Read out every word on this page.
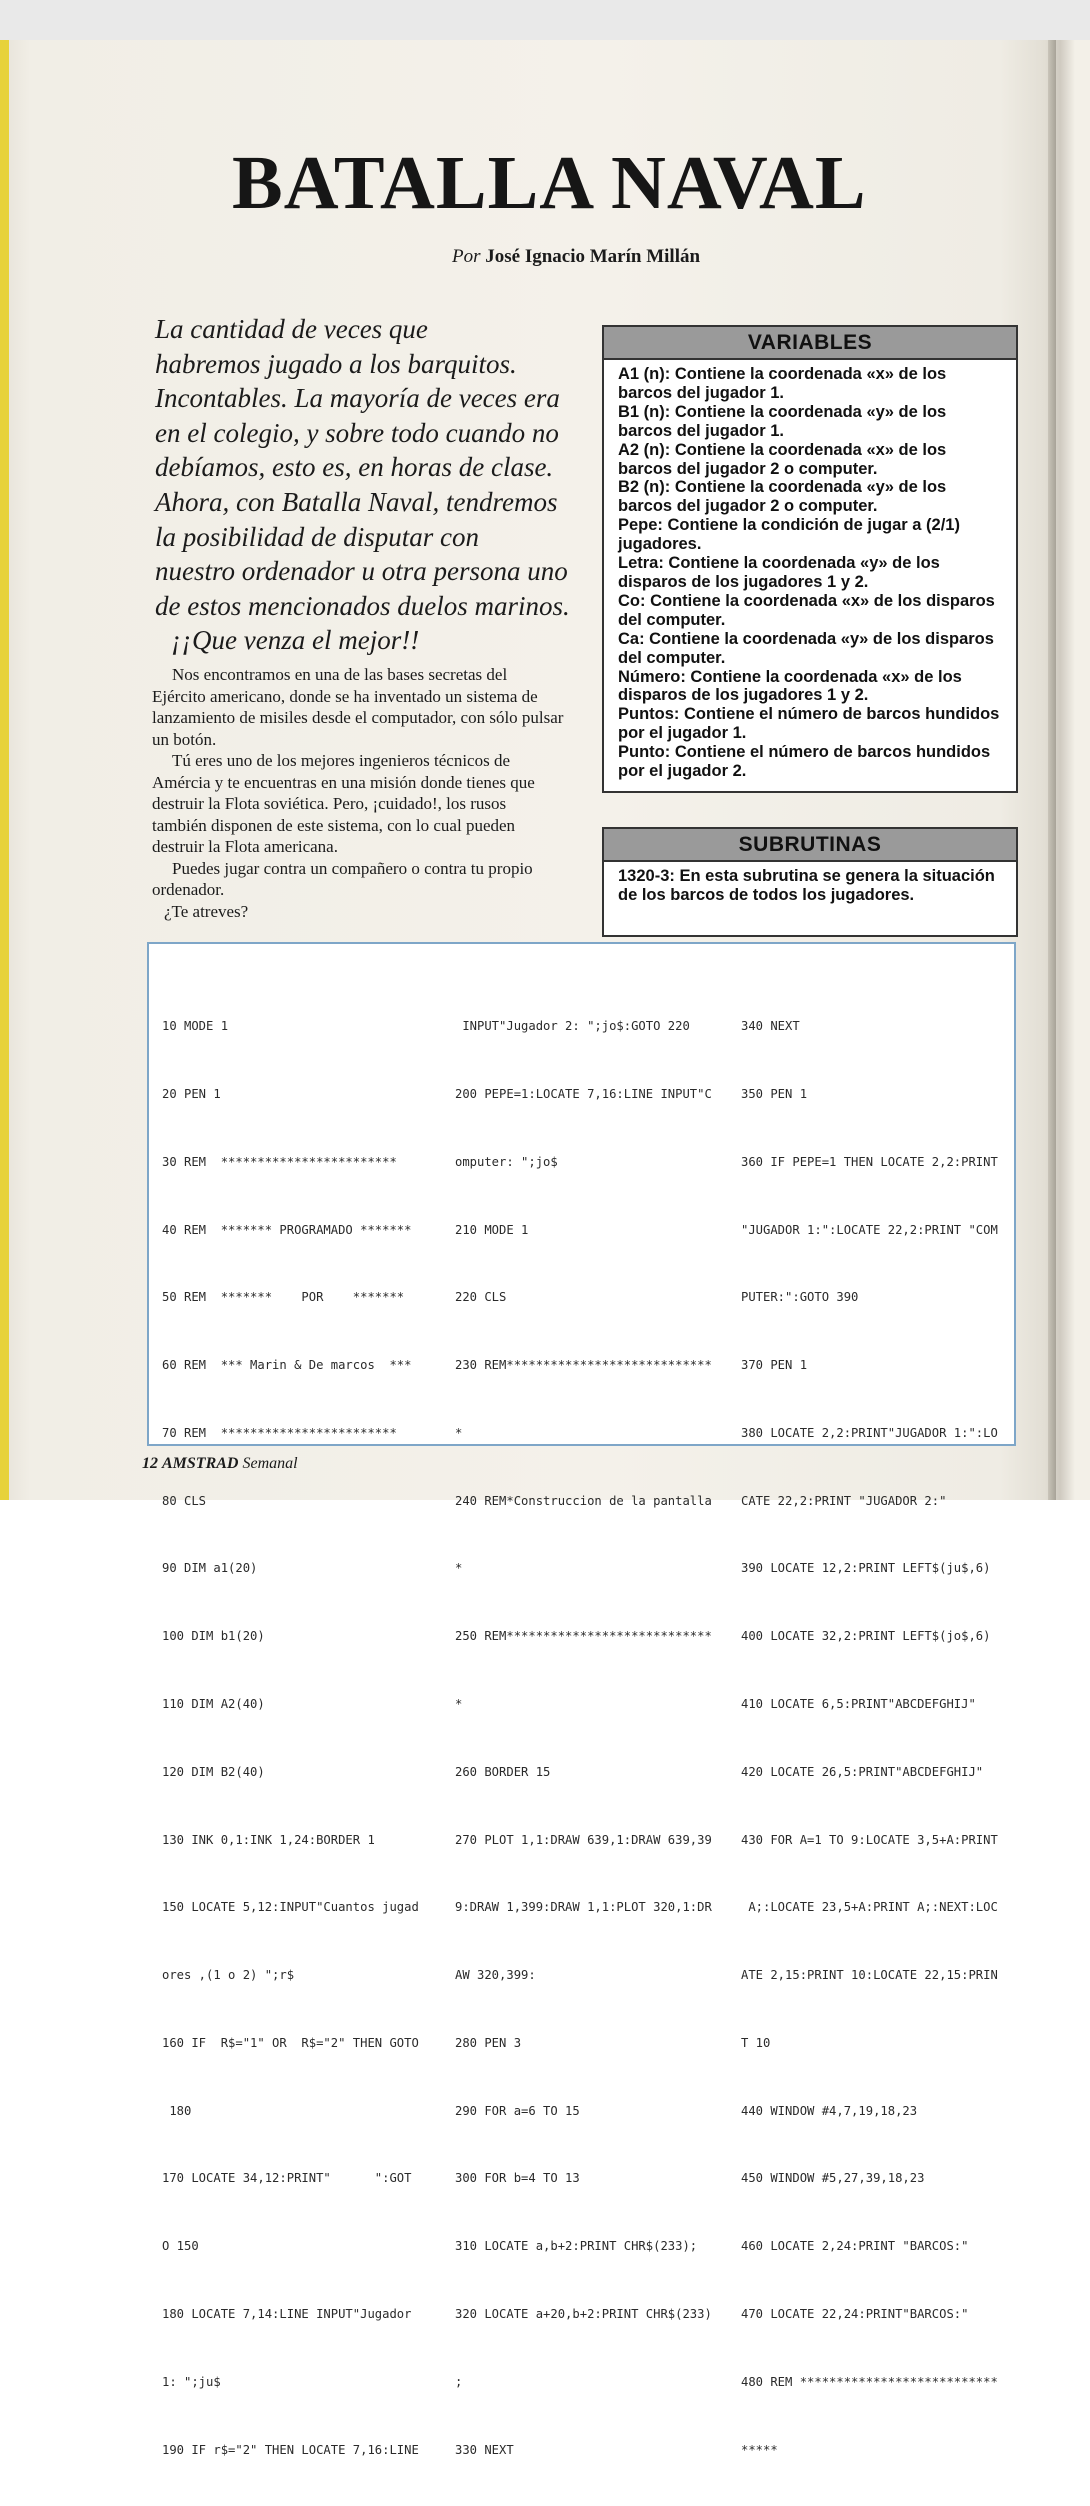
BATALLA NAVAL
Por José Ignacio Marín Millán
La cantidad de veces que
habremos jugado a los barquitos.
Incontables. La mayoría de veces era
en el colegio, y sobre todo cuando no
debíamos, esto es, en horas de clase.
Ahora, con Batalla Naval, tendremos
la posibilidad de disputar con
nuestro ordenador u otra persona uno
de estos mencionados duelos marinos.
¡¡Que venza el mejor!!

Nos encontramos en una de las bases secretas del Ejército americano, donde se ha inventado un sistema de lanzamiento de misiles desde el computador, con sólo pulsar un botón.

Tú eres uno de los mejores ingenieros técnicos de Amércia y te encuentras en una misión donde tienes que destruir la Flota soviética. Pero, ¡cuidado!, los rusos también disponen de este sistema, con lo cual pueden destruir la Flota americana.

Puedes jugar contra un compañero o contra tu propio ordenador.

¿Te atreves?

VARIABLES
A1 (n): Contiene la coordenada «x» de los barcos del jugador 1.
B1 (n): Contiene la coordenada «y» de los barcos del jugador 1.
A2 (n): Contiene la coordenada «x» de los barcos del jugador 2 o computer.
B2 (n): Contiene la coordenada «y» de los barcos del jugador 2 o computer.
Pepe: Contiene la condición de jugar a (2/1) jugadores.
Letra: Contiene la coordenada «y» de los disparos de los jugadores 1 y 2.
Co: Contiene la coordenada «x» de los disparos del computer.
Ca: Contiene la coordenada «y» de los disparos del computer.
Número: Contiene la coordenada «x» de los disparos de los jugadores 1 y 2.
Puntos: Contiene el número de barcos hundidos por el jugador 1.
Punto: Contiene el número de barcos hundidos por el jugador 2.
SUBRUTINAS
1320-3: En esta subrutina se genera la situación de los barcos de todos los jugadores.

10 MODE 1

20 PEN 1

30 REM  ************************

40 REM  ******* PROGRAMADO *******

50 REM  *******    POR    *******

60 REM  *** Marin & De marcos  ***

70 REM  ************************

80 CLS

90 DIM a1(20)

100 DIM b1(20)

110 DIM A2(40)

120 DIM B2(40)

130 INK 0,1:INK 1,24:BORDER 1

150 LOCATE 5,12:INPUT"Cuantos jugad

ores ,(1 o 2) ";r$

160 IF  R$="1" OR  R$="2" THEN GOTO

180

170 LOCATE 34,12:PRINT"      ":GOT

O 150

180 LOCATE 7,14:LINE INPUT"Jugador

1: ";ju$

190 IF r$="2" THEN LOCATE 7,16:LINE

INPUT"Jugador 2: ";jo$:GOTO 220

200 PEPE=1:LOCATE 7,16:LINE INPUT"C

omputer: ";jo$

210 MODE 1

220 CLS

230 REM****************************

*

240 REM*Construccion de la pantalla

*

250 REM****************************

*

260 BORDER 15

270 PLOT 1,1:DRAW 639,1:DRAW 639,39

9:DRAW 1,399:DRAW 1,1:PLOT 320,1:DR

AW 320,399:

280 PEN 3

290 FOR a=6 TO 15

300 FOR b=4 TO 13

310 LOCATE a,b+2:PRINT CHR$(233);

320 LOCATE a+20,b+2:PRINT CHR$(233)

;

330 NEXT

340 NEXT

350 PEN 1

360 IF PEPE=1 THEN LOCATE 2,2:PRINT

"JUGADOR 1:":LOCATE 22,2:PRINT "COM

PUTER:":GOTO 390

370 PEN 1

380 LOCATE 2,2:PRINT"JUGADOR 1:":LO

CATE 22,2:PRINT "JUGADOR 2:"

390 LOCATE 12,2:PRINT LEFT$(ju$,6)

400 LOCATE 32,2:PRINT LEFT$(jo$,6)

410 LOCATE 6,5:PRINT"ABCDEFGHIJ"

420 LOCATE 26,5:PRINT"ABCDEFGHIJ"

430 FOR A=1 TO 9:LOCATE 3,5+A:PRINT

A;:LOCATE 23,5+A:PRINT A;:NEXT:LOC

ATE 2,15:PRINT 10:LOCATE 22,15:PRIN

T 10

440 WINDOW #4,7,19,18,23

450 WINDOW #5,27,39,18,23

460 LOCATE 2,24:PRINT "BARCOS:"

470 LOCATE 22,24:PRINT"BARCOS:"

480 REM ***************************

*****

12 AMSTRAD Semanal
